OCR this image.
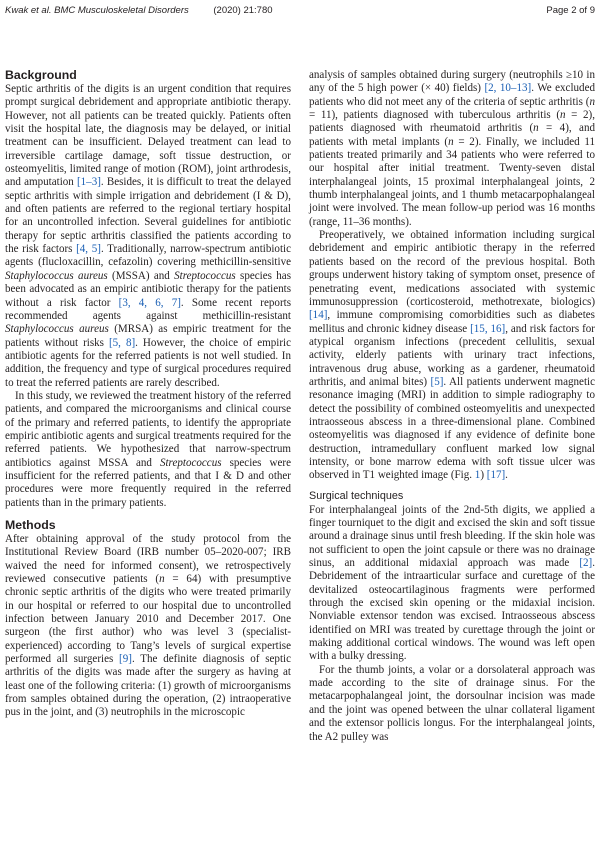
Kwak et al. BMC Musculoskeletal Disorders	(2020) 21:780	Page 2 of 9
Background

Septic arthritis of the digits is an urgent condition that requires prompt surgical debridement and appropriate antibiotic therapy. However, not all patients can be treated quickly. Patients often visit the hospital late, the diagnosis may be delayed, or initial treatment can be insufficient. Delayed treatment can lead to irreversible cartilage damage, soft tissue destruction, or osteomyelitis, limited range of motion (ROM), joint arthrodesis, and amputation [1–3]. Besides, it is difficult to treat the delayed septic arthritis with simple irrigation and debridement (I & D), and often patients are referred to the regional tertiary hospital for an uncontrolled infection. Several guidelines for antibiotic therapy for septic arthritis classified the patients according to the risk factors [4, 5]. Traditionally, narrow-spectrum antibiotic agents (flucloxacillin, cefazolin) covering methicillin-sensitive Staphylococcus aureus (MSSA) and Streptococcus species has been advocated as an empiric antibiotic therapy for the patients without a risk factor [3, 4, 6, 7]. Some recent reports recommended agents against methicillin-resistant Staphylococcus aureus (MRSA) as empiric treatment for the patients without risks [5, 8]. However, the choice of empiric antibiotic agents for the referred patients is not well studied. In addition, the frequency and type of surgical procedures required to treat the referred patients are rarely described.

In this study, we reviewed the treatment history of the referred patients, and compared the microorganisms and clinical course of the primary and referred patients, to identify the appropriate empiric antibiotic agents and surgical treatments required for the referred patients. We hypothesized that narrow-spectrum antibiotics against MSSA and Streptococcus species were insufficient for the referred patients, and that I & D and other procedures were more frequently required in the referred patients than in the primary patients.

Methods

After obtaining approval of the study protocol from the Institutional Review Board (IRB number 05–2020-007; IRB waived the need for informed consent), we retrospectively reviewed consecutive patients (n = 64) with presumptive chronic septic arthritis of the digits who were treated primarily in our hospital or referred to our hospital due to uncontrolled infection between January 2010 and December 2017. One surgeon (the first author) who was level 3 (specialist-experienced) according to Tang’s levels of surgical expertise performed all surgeries [9]. The definite diagnosis of septic arthritis of the digits was made after the surgery as having at least one of the following criteria: (1) growth of microorganisms from samples obtained during the operation, (2) intraoperative pus in the joint, and (3) neutrophils in the microscopic

analysis of samples obtained during surgery (neutrophils ≥10 in any of the 5 high power (× 40) fields) [2, 10–13]. We excluded patients who did not meet any of the criteria of septic arthritis (n = 11), patients diagnosed with tuberculous arthritis (n = 2), patients diagnosed with rheumatoid arthritis (n = 4), and patients with metal implants (n = 2). Finally, we included 11 patients treated primarily and 34 patients who were referred to our hospital after initial treatment. Twenty-seven distal interphalangeal joints, 15 proximal interphalangeal joints, 2 thumb interphalangeal joints, and 1 thumb metacarpophalangeal joint were involved. The mean follow-up period was 16 months (range, 11–36 months).

Preoperatively, we obtained information including surgical debridement and empiric antibiotic therapy in the referred patients based on the record of the previous hospital. Both groups underwent history taking of symptom onset, presence of penetrating event, medications associated with systemic immunosuppression (corticosteroid, methotrexate, biologics) [14], immune compromising comorbidities such as diabetes mellitus and chronic kidney disease [15, 16], and risk factors for atypical organism infections (precedent cellulitis, sexual activity, elderly patients with urinary tract infections, intravenous drug abuse, working as a gardener, rheumatoid arthritis, and animal bites) [5]. All patients underwent magnetic resonance imaging (MRI) in addition to simple radiography to detect the possibility of combined osteomyelitis and unexpected intraosseous abscess in a three-dimensional plane. Combined osteomyelitis was diagnosed if any evidence of definite bone destruction, intramedullary confluent marked low signal intensity, or bone marrow edema with soft tissue ulcer was observed in T1 weighted image (Fig. 1) [17].

Surgical techniques

For interphalangeal joints of the 2nd-5th digits, we applied a finger tourniquet to the digit and excised the skin and soft tissue around a drainage sinus until fresh bleeding. If the skin hole was not sufficient to open the joint capsule or there was no drainage sinus, an additional midaxial approach was made [2]. Debridement of the intraarticular surface and curettage of the devitalized osteocartilaginous fragments were performed through the excised skin opening or the midaxial incision. Nonviable extensor tendon was excised. Intraosseous abscess identified on MRI was treated by curettage through the joint or making additional cortical windows. The wound was left open with a bulky dressing.

For the thumb joints, a volar or a dorsolateral approach was made according to the site of drainage sinus. For the metacarpophalangeal joint, the dorsoulnar incision was made and the joint was opened between the ulnar collateral ligament and the extensor pollicis longus. For the interphalangeal joints, the A2 pulley was
